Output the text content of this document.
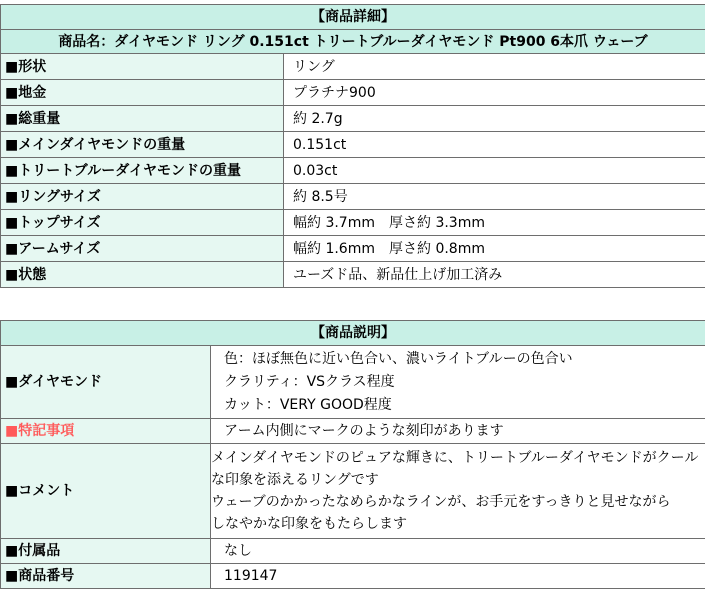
【商品詳細】	
商品名：ダイヤモンド リング 0.151ct トリートブルーダイヤモンド Pt900 6本爪 ウェーブ	
■形状	リング
■地金	プラチナ900
■総重量	約 2.7g
■メインダイヤモンドの重量	0.151ct
■トリートブルーダイヤモンドの重量	0.03ct
■リングサイズ	約 8.5号
■トップサイズ	幅約 3.7mm　厚さ約 3.3mm
■アームサイズ	幅約 1.6mm　厚さ約 0.8mm
■状態	ユーズド品、新品仕上げ加工済み
【商品説明】	
■ダイヤモンド	色：ほぼ無色に近い色合い、濃いライトブルーの色合い
クラリティ：VSクラス程度
カット：VERY GOOD程度

■特記事項	アーム内側にマークのような刻印があります
■コメント	メインダイヤモンドのピュアな輝きに、トリートブルーダイヤモンドがクール
な印象を添えるリングです
ウェーブのかかったなめらかなラインが、お手元をすっきりと見せながら
しなやかな印象をもたらします

■付属品	なし
■商品番号	119147
